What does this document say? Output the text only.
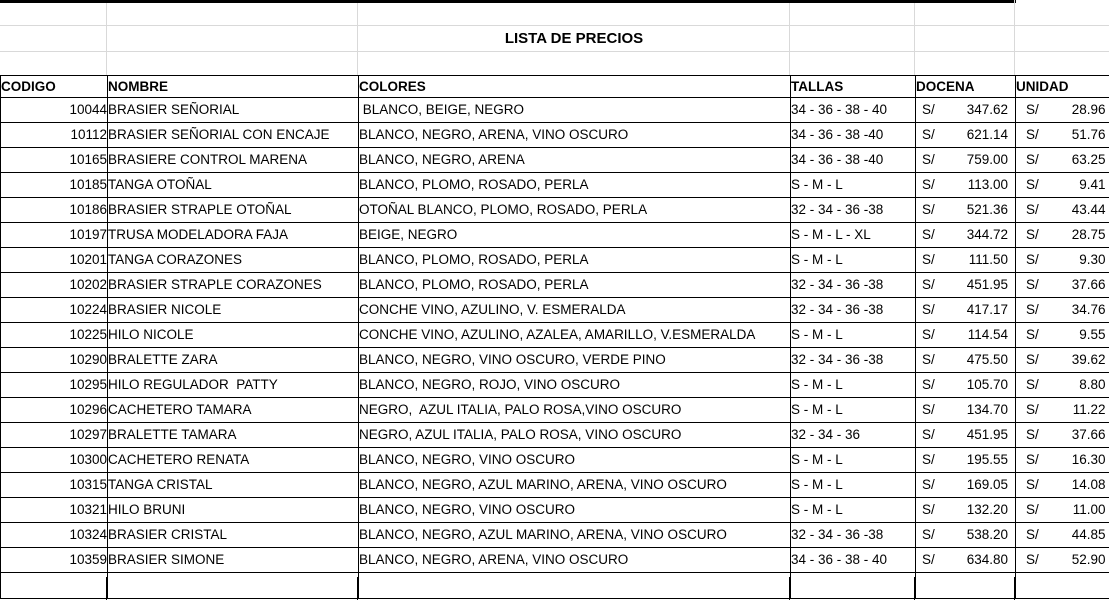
LISTA DE PRECIOS
CODIGO	NOMBRE	COLORES	TALLAS	DOCENA	UNIDAD
10044	BRASIER SEÑORIAL	BLANCO, BEIGE, NEGRO	34 - 36 - 38 - 40	S/ 347.62	S/ 28.96

10112	BRASIER SEÑORIAL CON ENCAJE	BLANCO, NEGRO, ARENA, VINO OSCURO	34 - 36 - 38 -40	S/ 621.14	S/ 51.76

10165	BRASIERE CONTROL MARENA	BLANCO, NEGRO, ARENA	34 - 36 - 38 -40	S/ 759.00	S/ 63.25

10185	TANGA OTOÑAL	BLANCO, PLOMO, ROSADO, PERLA	S - M - L	S/ 113.00	S/ 9.41

10186	BRASIER STRAPLE OTOÑAL	OTOÑAL BLANCO, PLOMO, ROSADO, PERLA	32 - 34 - 36 -38	S/ 521.36	S/ 43.44

10197	TRUSA MODELADORA FAJA	BEIGE, NEGRO	S - M - L - XL	S/ 344.72	S/ 28.75

10201	TANGA CORAZONES	BLANCO, PLOMO, ROSADO, PERLA	S - M - L	S/ 111.50	S/ 9.30

10202	BRASIER STRAPLE CORAZONES	BLANCO, PLOMO, ROSADO, PERLA	32 - 34 - 36 -38	S/ 451.95	S/ 37.66

10224	BRASIER NICOLE	CONCHE VINO, AZULINO, V. ESMERALDA	32 - 34 - 36 -38	S/ 417.17	S/ 34.76

10225	HILO NICOLE	CONCHE VINO, AZULINO, AZALEA, AMARILLO, V.ESMERALDA	S - M - L	S/ 114.54	S/ 9.55

10290	BRALETTE ZARA	BLANCO, NEGRO, VINO OSCURO, VERDE PINO	32 - 34 - 36 -38	S/ 475.50	S/ 39.62

10295	HILO REGULADOR  PATTY	BLANCO, NEGRO, ROJO, VINO OSCURO	S - M - L	S/ 105.70	S/ 8.80

10296	CACHETERO TAMARA	NEGRO,  AZUL ITALIA, PALO ROSA,VINO OSCURO	S - M - L	S/ 134.70	S/ 11.22

10297	BRALETTE TAMARA	NEGRO, AZUL ITALIA, PALO ROSA, VINO OSCURO	32 - 34 - 36	S/ 451.95	S/ 37.66

10300	CACHETERO RENATA	BLANCO, NEGRO, VINO OSCURO	S - M - L	S/ 195.55	S/ 16.30

10315	TANGA CRISTAL	BLANCO, NEGRO, AZUL MARINO, ARENA, VINO OSCURO	S - M - L	S/ 169.05	S/ 14.08

10321	HILO BRUNI	BLANCO, NEGRO, VINO OSCURO	S - M - L	S/ 132.20	S/ 11.00

10324	BRASIER CRISTAL	BLANCO, NEGRO, AZUL MARINO, ARENA, VINO OSCURO	32 - 34 - 36 -38	S/ 538.20	S/ 44.85

10359	BRASIER SIMONE	BLANCO, NEGRO, ARENA, VINO OSCURO	34 - 36 - 38 - 40	S/ 634.80	S/ 52.90
